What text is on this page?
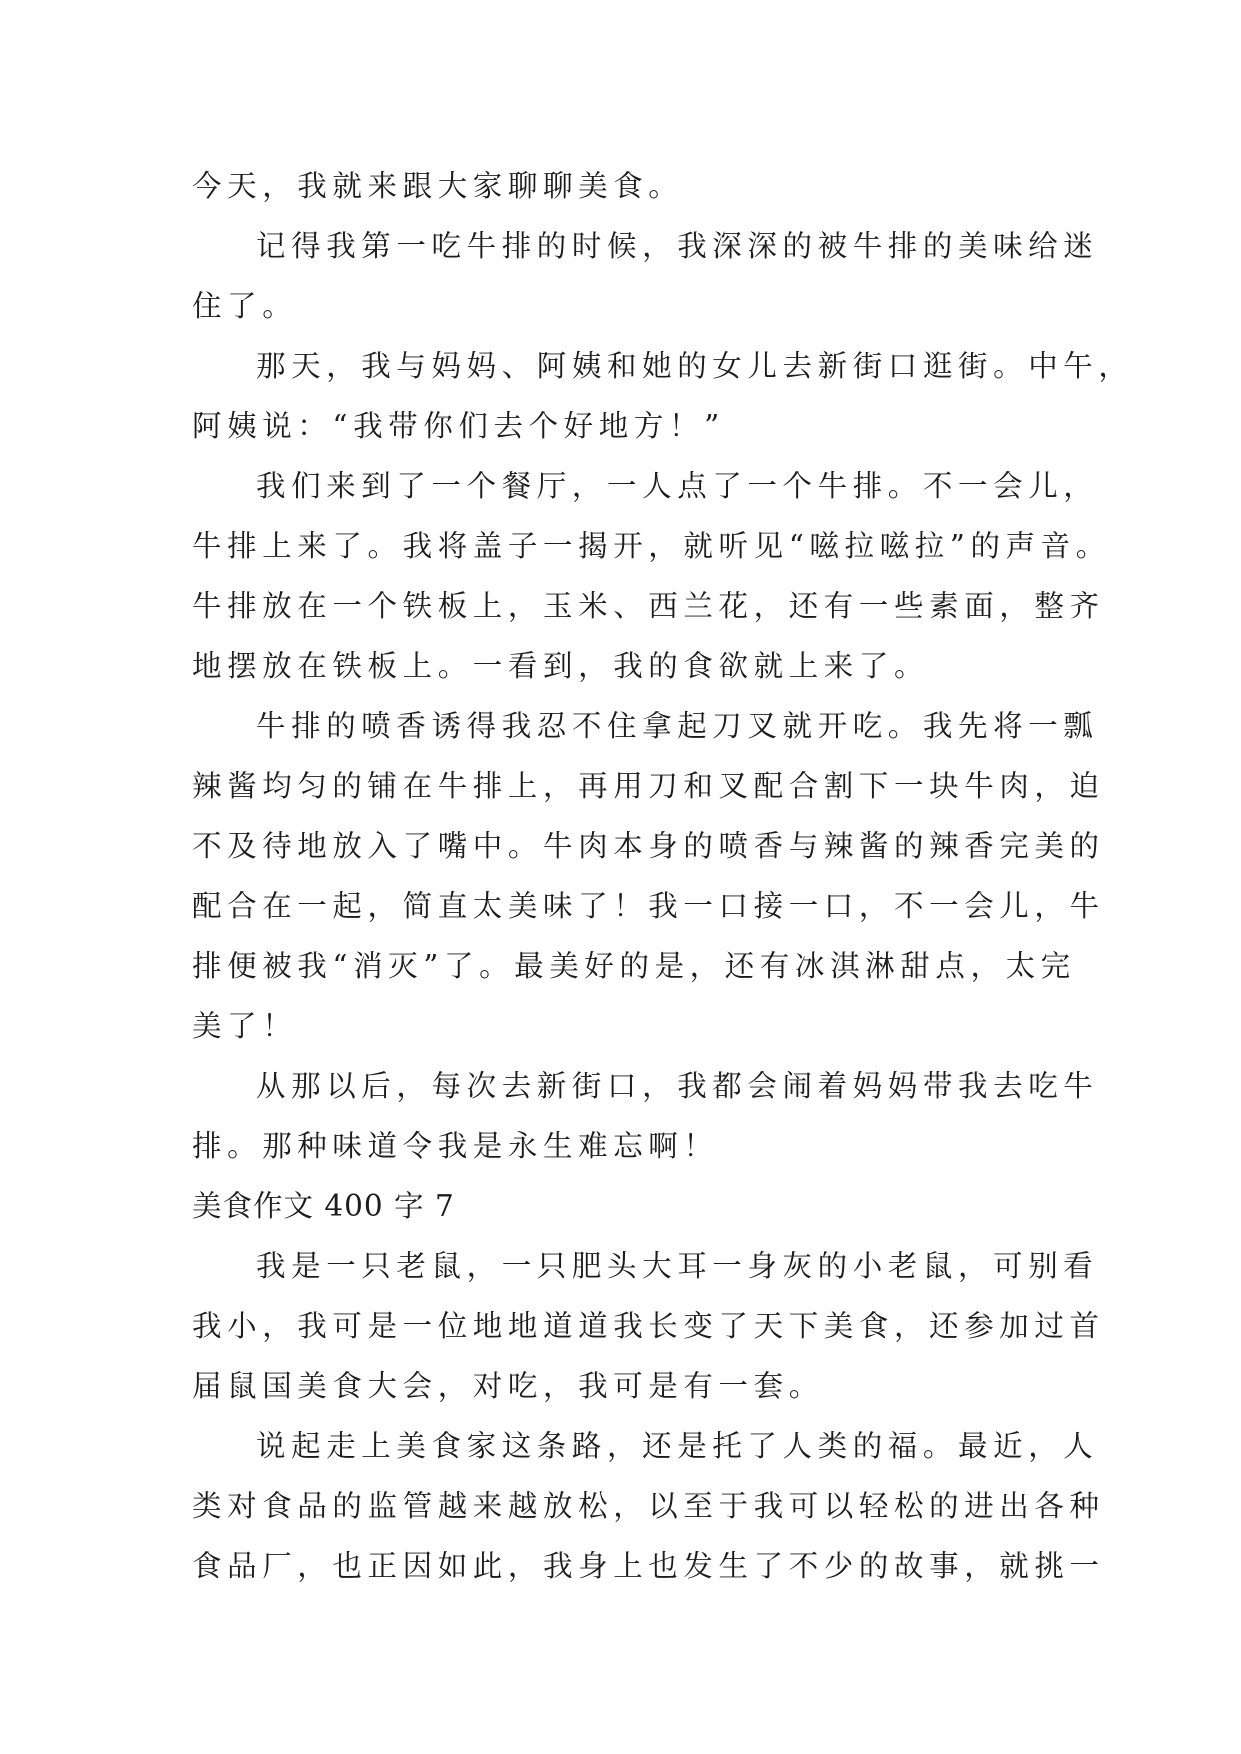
今天，我就来跟大家聊聊美食。
记得我第一吃牛排的时候，我深深的被牛排的美味给迷
住了。
那天，我与妈妈、阿姨和她的女儿去新街口逛街。中午，
阿姨说：“我带你们去个好地方！”
我们来到了一个餐厅，一人点了一个牛排。不一会儿，
牛排上来了。我将盖子一揭开，就听见“嗞拉嗞拉”的声音。
牛排放在一个铁板上，玉米、西兰花，还有一些素面，整齐
地摆放在铁板上。一看到，我的食欲就上来了。
牛排的喷香诱得我忍不住拿起刀叉就开吃。我先将一瓢
辣酱均匀的铺在牛排上，再用刀和叉配合割下一块牛肉，迫
不及待地放入了嘴中。牛肉本身的喷香与辣酱的辣香完美的
配合在一起，简直太美味了！我一口接一口，不一会儿，牛
排便被我“消灭”了。最美好的是，还有冰淇淋甜点，太完
美了！
从那以后，每次去新街口，我都会闹着妈妈带我去吃牛
排。那种味道令我是永生难忘啊！
美食作文 400 字 7
我是一只老鼠，一只肥头大耳一身灰的小老鼠，可别看
我小，我可是一位地地道道我长变了天下美食，还参加过首
届鼠国美食大会，对吃，我可是有一套。
说起走上美食家这条路，还是托了人类的福。最近，人
类对食品的监管越来越放松，以至于我可以轻松的进出各种
食品厂，也正因如此，我身上也发生了不少的故事，就挑一
